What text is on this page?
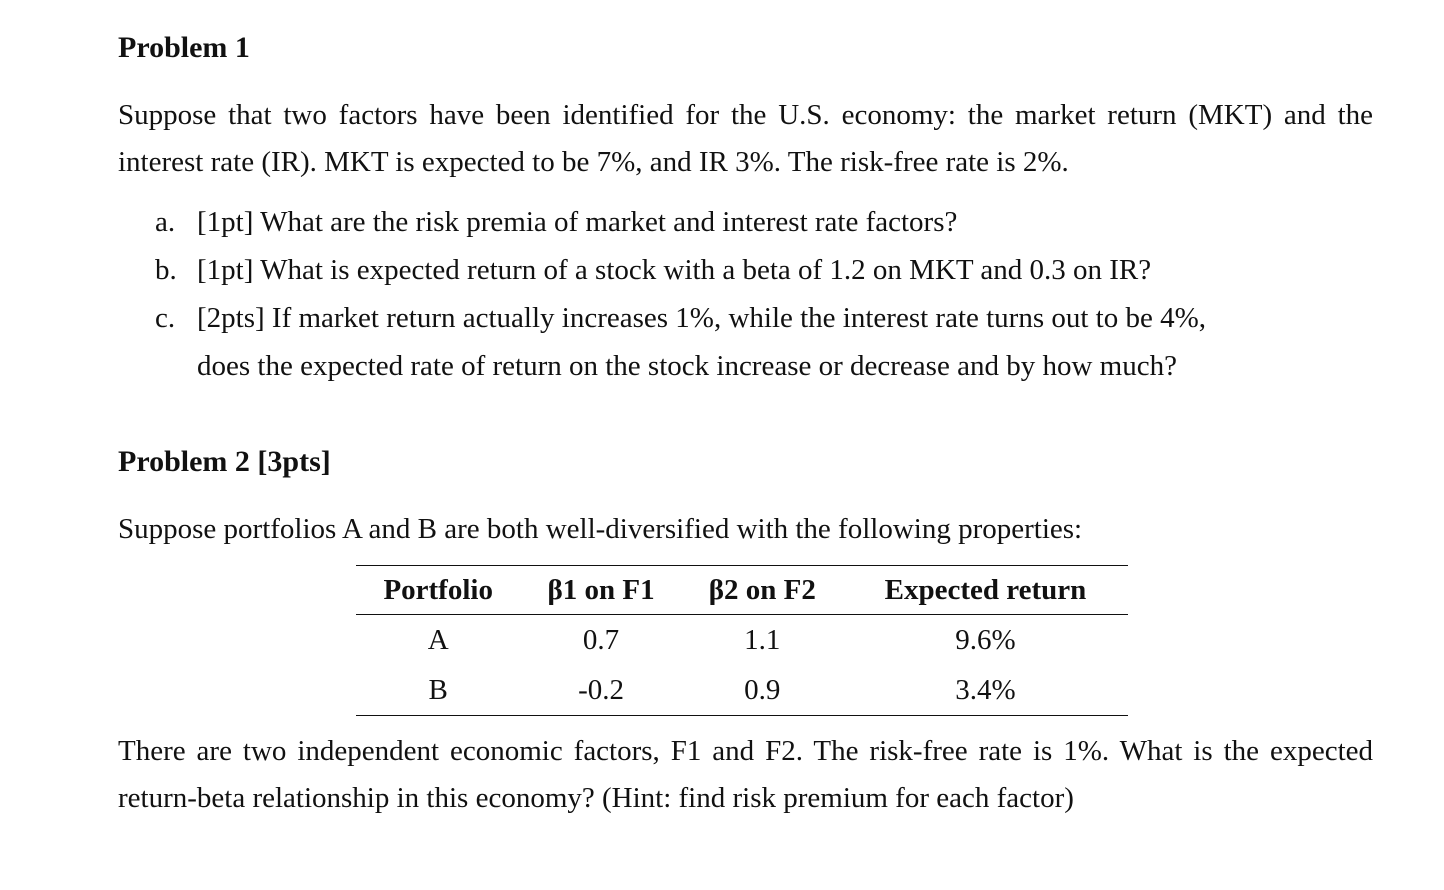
Problem 1

Suppose that two factors have been identified for the U.S. economy: the market return (MKT) and the interest rate (IR). MKT is expected to be 7%, and IR 3%. The risk-free rate is 2%.

a. [1pt] What are the risk premia of market and interest rate factors?
b. [1pt] What is expected return of a stock with a beta of 1.2 on MKT and 0.3 on IR?
c. [2pts] If market return actually increases 1%, while the interest rate turns out to be 4%,
does the expected rate of return on the stock increase or decrease and by how much?
Problem 2 [3pts]

Suppose portfolios A and B are both well-diversified with the following properties:

Portfolio	β1 on F1	β2 on F2	Expected return
A	0.7	1.1	9.6%
B	-0.2	0.9	3.4%

There are two independent economic factors, F1 and F2. The risk-free rate is 1%. What is the expected return-beta relationship in this economy? (Hint: find risk premium for each factor)
